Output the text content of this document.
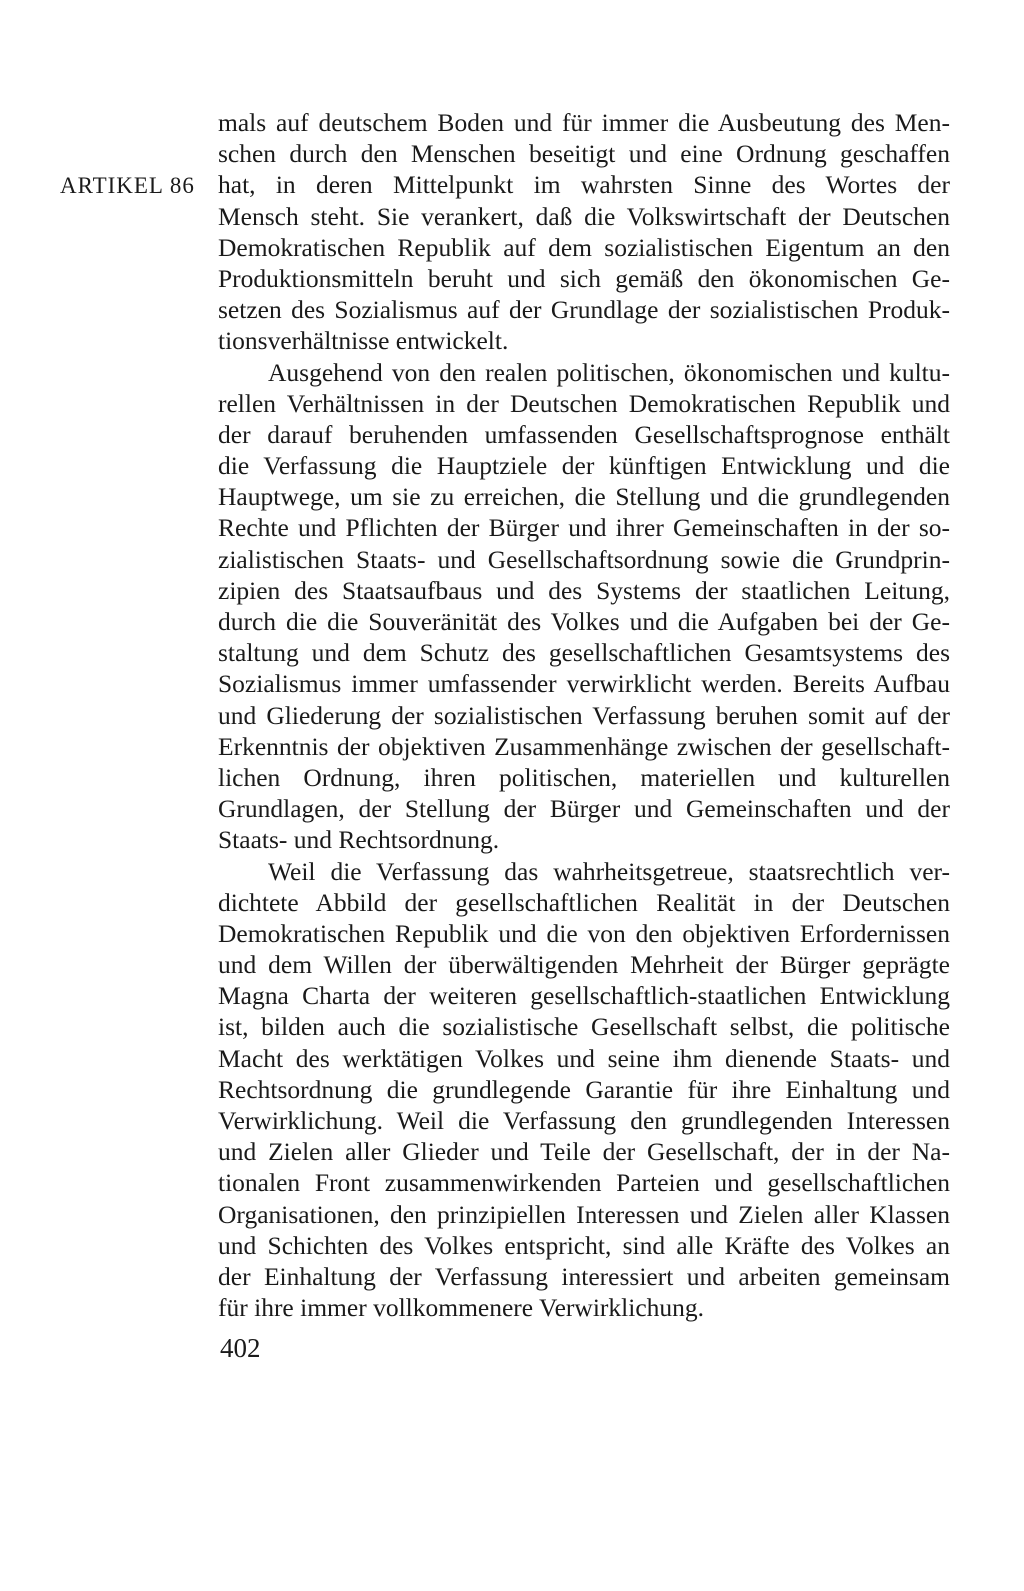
ARTIKEL 86
mals auf deutschem Boden und für immer die Ausbeutung des Men-
schen durch den Menschen beseitigt und eine Ordnung geschaffen
hat, in deren Mittelpunkt im wahrsten Sinne des Wortes der
Mensch steht. Sie verankert, daß die Volkswirtschaft der Deutschen
Demokratischen Republik auf dem sozialistischen Eigentum an den
Produktionsmitteln beruht und sich gemäß den ökonomischen Ge-
setzen des Sozialismus auf der Grundlage der sozialistischen Produk-
tionsverhältnisse entwickelt.
Ausgehend von den realen politischen, ökonomischen und kultu-
rellen Verhältnissen in der Deutschen Demokratischen Republik und
der darauf beruhenden umfassenden Gesellschaftsprognose enthält
die Verfassung die Hauptziele der künftigen Entwicklung und die
Hauptwege, um sie zu erreichen, die Stellung und die grundlegenden
Rechte und Pflichten der Bürger und ihrer Gemeinschaften in der so-
zialistischen Staats- und Gesellschaftsordnung sowie die Grundprin-
zipien des Staatsaufbaus und des Systems der staatlichen Leitung,
durch die die Souveränität des Volkes und die Aufgaben bei der Ge-
staltung und dem Schutz des gesellschaftlichen Gesamtsystems des
Sozialismus immer umfassender verwirklicht werden. Bereits Aufbau
und Gliederung der sozialistischen Verfassung beruhen somit auf der
Erkenntnis der objektiven Zusammenhänge zwischen der gesellschaft-
lichen Ordnung, ihren politischen, materiellen und kulturellen
Grundlagen, der Stellung der Bürger und Gemeinschaften und der
Staats- und Rechtsordnung.
Weil die Verfassung das wahrheitsgetreue, staatsrechtlich ver-
dichtete Abbild der gesellschaftlichen Realität in der Deutschen
Demokratischen Republik und die von den objektiven Erfordernissen
und dem Willen der überwältigenden Mehrheit der Bürger geprägte
Magna Charta der weiteren gesellschaftlich-staatlichen Entwicklung
ist, bilden auch die sozialistische Gesellschaft selbst, die politische
Macht des werktätigen Volkes und seine ihm dienende Staats- und
Rechtsordnung die grundlegende Garantie für ihre Einhaltung und
Verwirklichung. Weil die Verfassung den grundlegenden Interessen
und Zielen aller Glieder und Teile der Gesellschaft, der in der Na-
tionalen Front zusammenwirkenden Parteien und gesellschaftlichen
Organisationen, den prinzipiellen Interessen und Zielen aller Klassen
und Schichten des Volkes entspricht, sind alle Kräfte des Volkes an
der Einhaltung der Verfassung interessiert und arbeiten gemeinsam
für ihre immer vollkommenere Verwirklichung.
402
